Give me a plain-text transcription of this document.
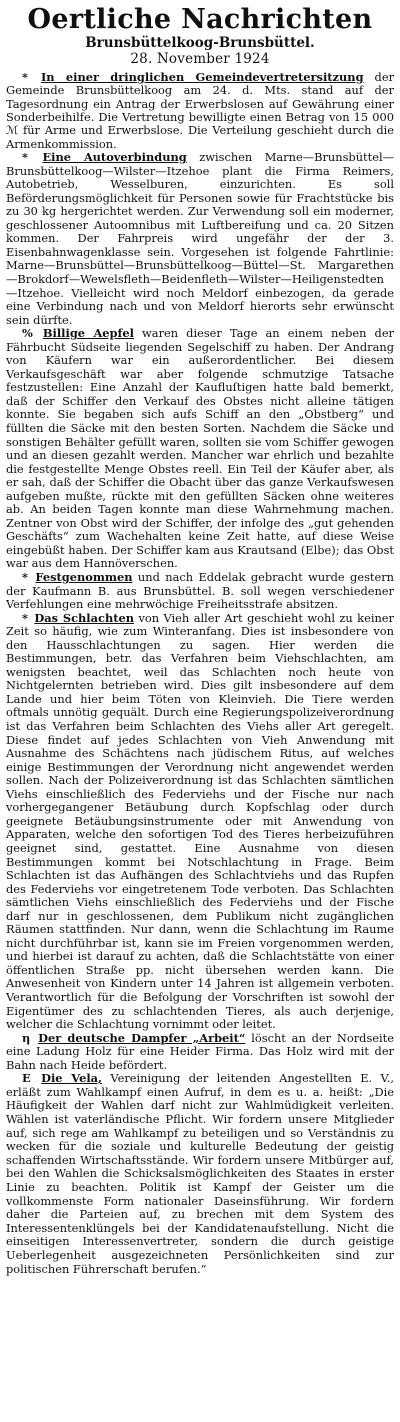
Oertliche Nachrichten
Brunsbüttelkoog-Brunsbüttel.
28. November 1924

* In einer dringlichen Gemeindevertretersitzung der Gemeinde Brunsbüttelkoog am 24. d. Mts. stand auf der Tagesordnung ein Antrag der Erwerbslosen auf Gewährung einer Sonderbeihilfe. Die Vertretung bewilligte einen Betrag von 15 000 ℳ für Arme und Erwerbslose. Die Verteilung geschieht durch die Armenkommission.

* Eine Autoverbindung zwischen Marne—Brunsbüttel—Brunsbüttelkoog—Wilster—Itzehoe plant die Firma Reimers, Autobetrieb, Wesselburen, einzurichten. Es soll Beförderungsmöglichkeit für Personen sowie für Frachtstücke bis zu 30 kg hergerichtet werden. Zur Verwendung soll ein moderner, geschlossener Autoomnibus mit Luftbereifung und ca. 20 Sitzen kommen. Der Fahrpreis wird ungefähr der der 3. Eisenbahnwagenklasse sein. Vorgesehen ist folgende Fahrtlinie: Marne—Brunsbüttel—Brunsbüttelkoog—Büttel—St. Margarethen—Brokdorf—Wewelsfleth—Beidenfleth—Wilster—Heiligenstedten—Itzehoe. Vielleicht wird noch Meldorf einbezogen, da gerade eine Verbindung nach und von Meldorf hierorts sehr erwünscht sein dürfte.

% Billige Aepfel waren dieser Tage an einem neben der Fährbucht Südseite liegenden Segelschiff zu haben. Der Andrang von Käufern war ein außerordentlicher. Bei diesem Verkaufsgeschäft war aber folgende schmutzige Tatsache festzustellen: Eine Anzahl der Kaufluſtigen hatte bald bemerkt, daß der Schiffer den Verkauf des Obstes nicht alleine tätigen konnte. Sie begaben sich aufs Schiff an den „Obstberg“ und füllten die Säcke mit den besten Sorten. Nachdem die Säcke und sonstigen Behälter gefüllt waren, sollten sie vom Schiffer gewogen und an diesen gezahlt werden. Mancher war ehrlich und bezahlte die festgestellte Menge Obstes reell. Ein Teil der Käufer aber, als er sah, daß der Schiffer die Obacht über das ganze Verkaufswesen aufgeben mußte, rückte mit den gefüllten Säcken ohne weiteres ab. An beiden Tagen konnte man diese Wahrnehmung machen. Zentner von Obst wird der Schiffer, der infolge des „gut gehenden Geschäfts“ zum Wachehalten keine Zeit hatte, auf diese Weise eingebüßt haben. Der Schiffer kam aus Krautsand (Elbe); das Obst war aus dem Hannöverschen.

* Festgenommen und nach Eddelak gebracht wurde gestern der Kaufmann B. aus Brunsbüttel. B. soll wegen verschiedener Verfehlungen eine mehrwöchige Freiheitsstrafe absitzen.

* Das Schlachten von Vieh aller Art geschieht wohl zu keiner Zeit so häufig, wie zum Winteranfang. Dies ist insbesondere von den Hausschlachtungen zu sagen. Hier werden die Bestimmungen, betr. das Verfahren beim Viehschlachten, am wenigsten beachtet, weil das Schlachten noch heute von Nichtgelernten betrieben wird. Dies gilt insbesondere auf dem Lande und hier beim Töten von Kleinvieh. Die Tiere werden oftmals unnötig gequält. Durch eine Regierungspolizeiverordnung ist das Verfahren beim Schlachten des Viehs aller Art geregelt. Diese findet auf jedes Schlachten von Vieh Anwendung mit Ausnahme des Schächtens nach jüdischem Ritus, auf welches einige Bestimmungen der Verordnung nicht angewendet werden sollen. Nach der Polizeiverordnung ist das Schlachten sämtlichen Viehs einschließlich des Federviehs und der Fische nur nach vorhergegangener Betäubung durch Kopfschlag oder durch geeignete Betäubungsinstrumente oder mit Anwendung von Apparaten, welche den sofortigen Tod des Tieres herbeizuführen geeignet sind, gestattet. Eine Ausnahme von diesen Bestimmungen kommt bei Notschlachtung in Frage. Beim Schlachten ist das Aufhängen des Schlachtviehs und das Rupfen des Federviehs vor eingetretenem Tode verboten. Das Schlachten sämtlichen Viehs einschließlich des Federviehs und der Fische darf nur in geschlossenen, dem Publikum nicht zugänglichen Räumen stattfinden. Nur dann, wenn die Schlachtung im Raume nicht durchführbar ist, kann sie im Freien vorgenommen werden, und hierbei ist darauf zu achten, daß die Schlachtstätte von einer öffentlichen Straße pp. nicht übersehen werden kann. Die Anwesenheit von Kindern unter 14 Jahren ist allgemein verboten. Verantwortlich für die Befolgung der Vorschriften ist sowohl der Eigentümer des zu schlachtenden Tieres, als auch derjenige, welcher die Schlachtung vornimmt oder leitet.

η Der deutsche Dampfer „Arbeit“ löscht an der Nordseite eine Ladung Holz für eine Heider Firma. Das Holz wird mit der Bahn nach Heide befördert.

E Die Vela, Vereinigung der leitenden Angestellten E. V., erläßt zum Wahlkampf einen Aufruf, in dem es u. a. heißt: „Die Häufigkeit der Wahlen darf nicht zur Wahlmüdigkeit verleiten. Wählen ist vaterländische Pflicht. Wir fordern unsere Mitglieder auf, sich rege am Wahlkampf zu beteiligen und so Verständnis zu wecken für die soziale und kulturelle Bedeutung der geistig schaffenden Wirtschaftsstände. Wir fordern unsere Mitbürger auf, bei den Wahlen die Schicksalsmöglichkeiten des Staates in erster Linie zu beachten. Politik ist Kampf der Geister um die vollkommenste Form nationaler Daseinsführung. Wir fordern daher die Parteien auf, zu brechen mit dem System des Interessentenklüngels bei der Kandidatenaufstellung. Nicht die einseitigen Interessenvertreter, sondern die durch geistige Ueberlegenheit ausgezeichneten Persönlichkeiten sind zur politischen Führerschaft berufen.“
